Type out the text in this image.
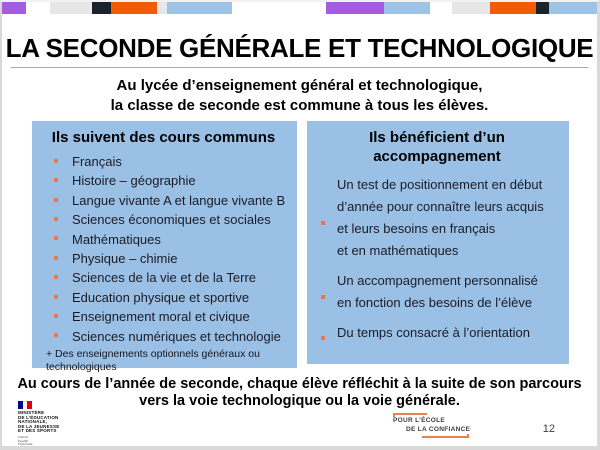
LA SECONDE GÉNÉRALE ET TECHNOLOGIQUE

Au lycée d’enseignement général et technologique,
la classe de seconde est commune à tous les élèves.

Ils suivent des cours communs
Français
Histoire – géographie
Langue vivante A et langue vivante B
Sciences économiques et sociales
Mathématiques
Physique – chimie
Sciences de la vie et de la Terre
Education physique et sportive
Enseignement moral et civique
Sciences numériques et technologie

+ Des enseignements optionnels généraux ou technologiques

Ils bénéficient d’un
accompagnement
Un test de positionnement en début
d’année pour connaître leurs acquis
et leurs besoins en français
et en mathématiques
Un accompagnement personnalisé
en fonction des besoins de l’élève
Du temps consacré à l’orientation

Au cours de l’année de seconde, chaque élève réfléchit à la suite de son parcours
vers la voie technologique ou la voie générale.

MINISTÈRE
DE L’ÉDUCATION
NATIONALE,
DE LA JEUNESSE
ET DES SPORTS
Liberté
Égalité
Fraternité
POUR L’ÉCOLE
DE LA CONFIANCE	12
